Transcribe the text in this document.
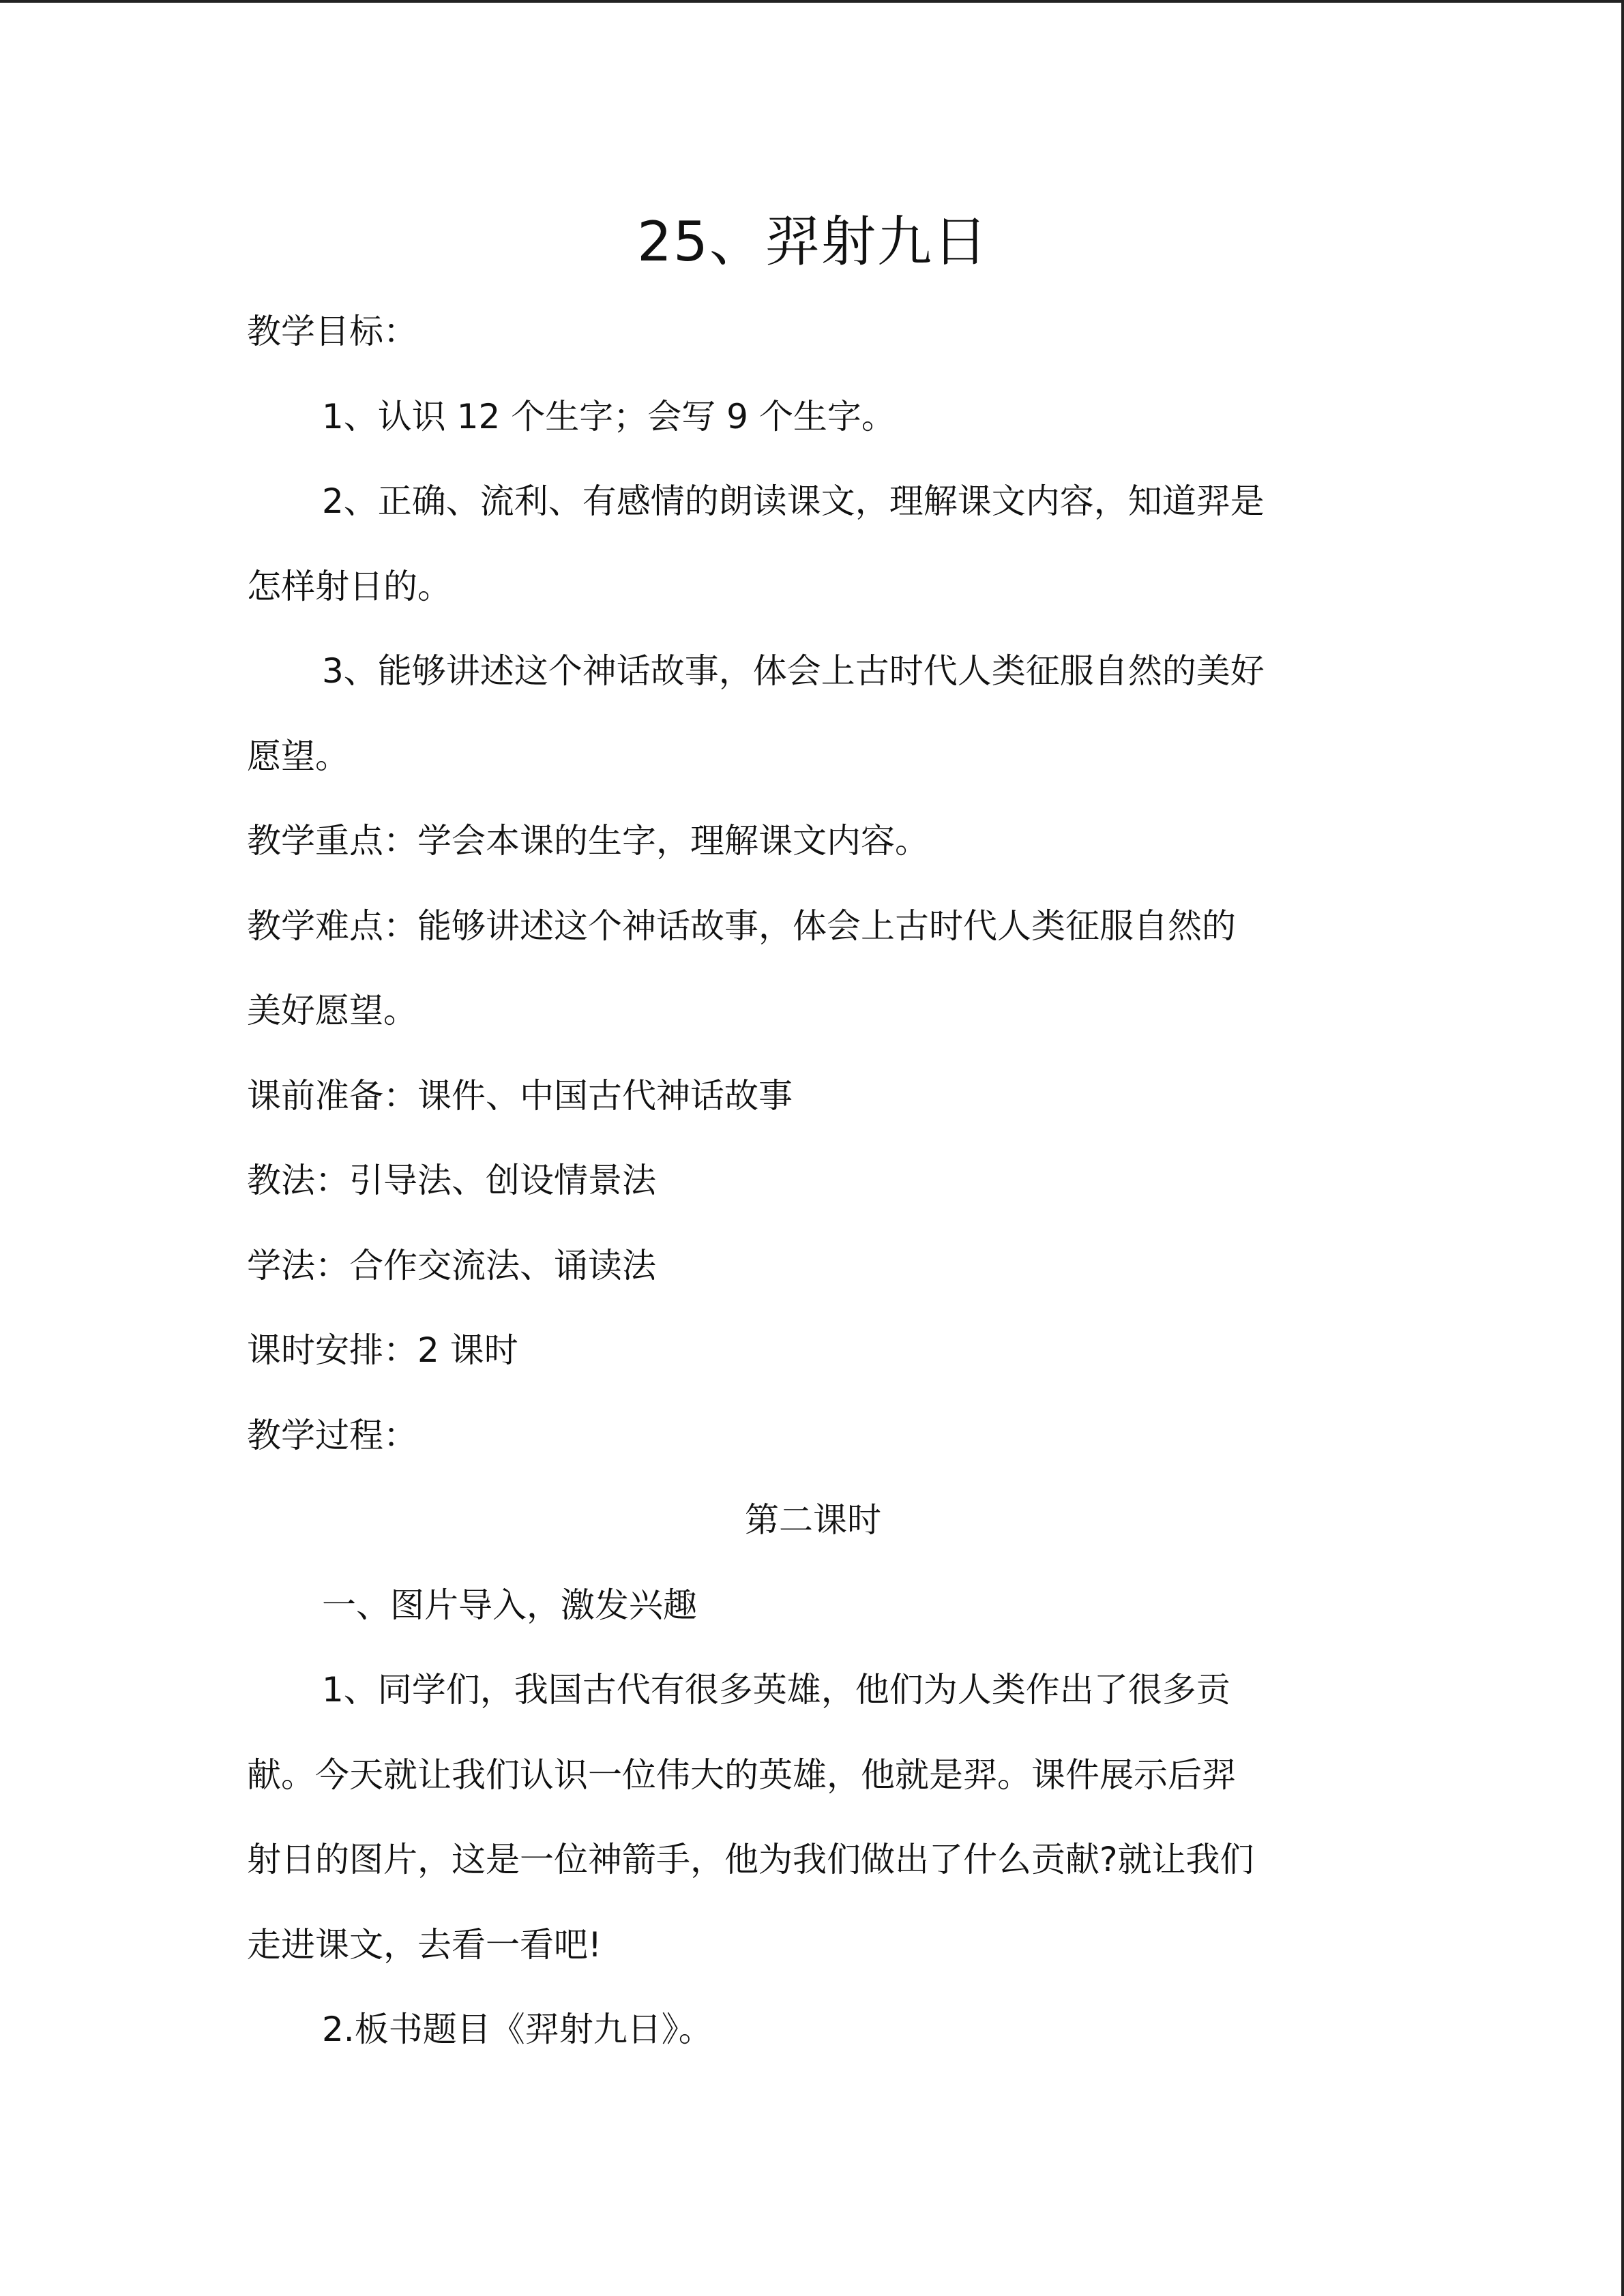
25、羿射九日

教学目标：

1、认识 12 个生字；会写 9 个生字。

2、正确、流利、有感情的朗读课文，理解课文内容，知道羿是

怎样射日的。

3、能够讲述这个神话故事，体会上古时代人类征服自然的美好

愿望。

教学重点：学会本课的生字，理解课文内容。

教学难点：能够讲述这个神话故事，体会上古时代人类征服自然的

美好愿望。

课前准备：课件、中国古代神话故事

教法：引导法、创设情景法

学法：合作交流法、诵读法

课时安排：2 课时

教学过程：

第二课时

一、图片导入，激发兴趣

1、同学们，我国古代有很多英雄，他们为人类作出了很多贡

献。今天就让我们认识一位伟大的英雄，他就是羿。课件展示后羿

射日的图片，这是一位神箭手，他为我们做出了什么贡献?就让我们

走进课文，去看一看吧!

2.板书题目《羿射九日》。
